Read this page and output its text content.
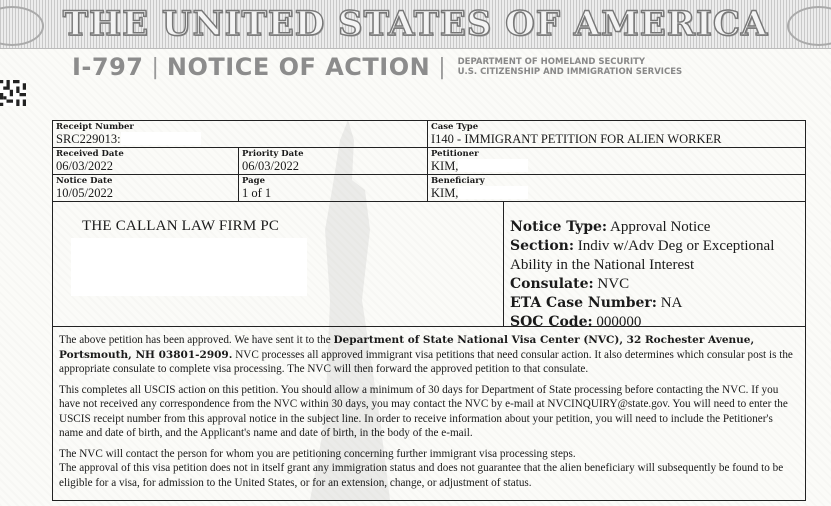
THE UNITED STATES OF AMERICA
I-797 | NOTICE OF ACTION | DEPARTMENT OF HOMELAND SECURITY
U.S. CITIZENSHIP AND IMMIGRATION SERVICES
Receipt Number
SRC229013:
Case Type
I140 - IMMIGRANT PETITION FOR ALIEN WORKER
Received Date
06/03/2022
Priority Date
06/03/2022
Petitioner
KIM,
Notice Date
10/05/2022
Page
1 of 1
Beneficiary
KIM,
THE CALLAN LAW FIRM PC	Notice Type: Approval Notice
Section: Indiv w/Adv Deg or Exceptional Ability in the National Interest
Consulate: NVC
ETA Case Number: NA
SOC Code: 000000

The above petition has been approved. We have sent it to the Department of State National Visa Center (NVC), 32 Rochester Avenue, Portsmouth, NH 03801-2909. NVC processes all approved immigrant visa petitions that need consular action. It also determines which consular post is the appropriate consulate to complete visa processing. The NVC will then forward the approved petition to that consulate.

This completes all USCIS action on this petition. You should allow a minimum of 30 days for Department of State processing before contacting the NVC. If you have not received any correspondence from the NVC within 30 days, you may contact the NVC by e-mail at NVCINQUIRY@state.gov. You will need to enter the USCIS receipt number from this approval notice in the subject line. In order to receive information about your petition, you will need to include the Petitioner's name and date of birth, and the Applicant's name and date of birth, in the body of the e-mail.

The NVC will contact the person for whom you are petitioning concerning further immigrant visa processing steps.
The approval of this visa petition does not in itself grant any immigration status and does not guarantee that the alien beneficiary will subsequently be found to be eligible for a visa, for admission to the United States, or for an extension, change, or adjustment of status.
